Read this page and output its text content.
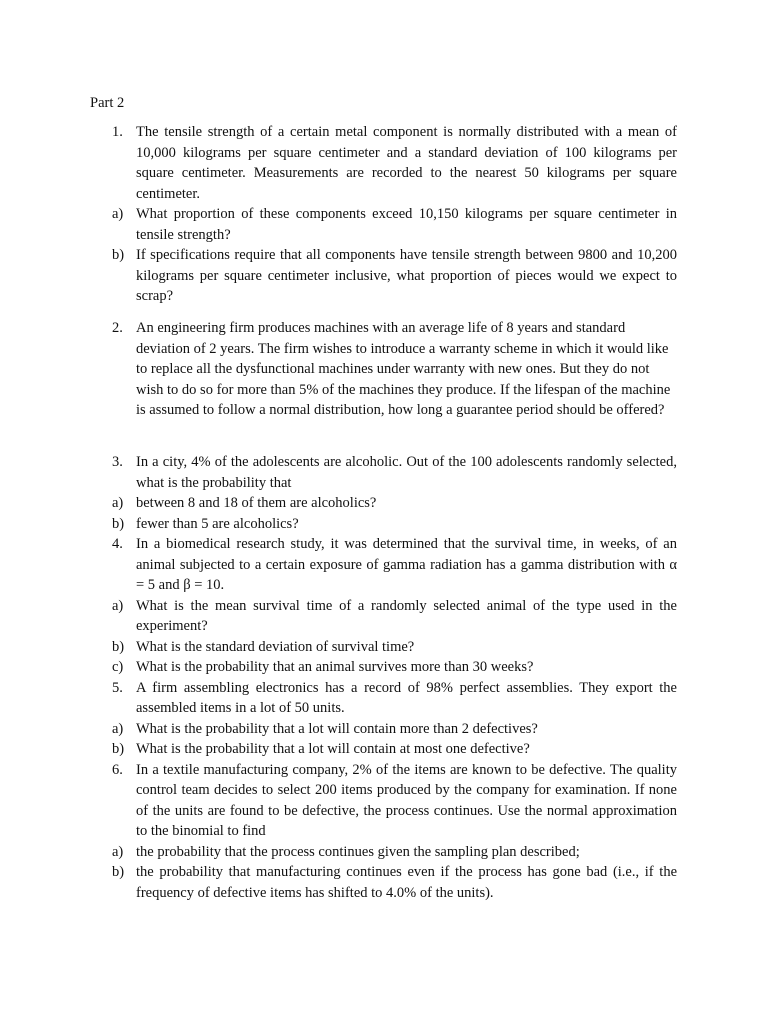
Part 2
1. The tensile strength of a certain metal component is normally distributed with a mean of 10,000 kilograms per square centimeter and a standard deviation of 100 kilograms per square centimeter. Measurements are recorded to the nearest 50 kilograms per square centimeter.
a) What proportion of these components exceed 10,150 kilograms per square centimeter in tensile strength?
b) If specifications require that all components have tensile strength between 9800 and 10,200 kilograms per square centimeter inclusive, what proportion of pieces would we expect to scrap?
2. An engineering firm produces machines with an average life of 8 years and standard deviation of 2 years. The firm wishes to introduce a warranty scheme in which it would like to replace all the dysfunctional machines under warranty with new ones. But they do not wish to do so for more than 5% of the machines they produce. If the lifespan of the machine is assumed to follow a normal distribution, how long a guarantee period should be offered?
3. In a city, 4% of the adolescents are alcoholic. Out of the 100 adolescents randomly selected, what is the probability that
a) between 8 and 18 of them are alcoholics?
b) fewer than 5 are alcoholics?
4. In a biomedical research study, it was determined that the survival time, in weeks, of an animal subjected to a certain exposure of gamma radiation has a gamma distribution with α = 5 and β = 10.
a) What is the mean survival time of a randomly selected animal of the type used in the experiment?
b) What is the standard deviation of survival time?
c) What is the probability that an animal survives more than 30 weeks?
5. A firm assembling electronics has a record of 98% perfect assemblies. They export the assembled items in a lot of 50 units.
a) What is the probability that a lot will contain more than 2 defectives?
b) What is the probability that a lot will contain at most one defective?
6. In a textile manufacturing company, 2% of the items are known to be defective. The quality control team decides to select 200 items produced by the company for examination. If none of the units are found to be defective, the process continues. Use the normal approximation to the binomial to find
a) the probability that the process continues given the sampling plan described;
b) the probability that manufacturing continues even if the process has gone bad (i.e., if the frequency of defective items has shifted to 4.0% of the units).
